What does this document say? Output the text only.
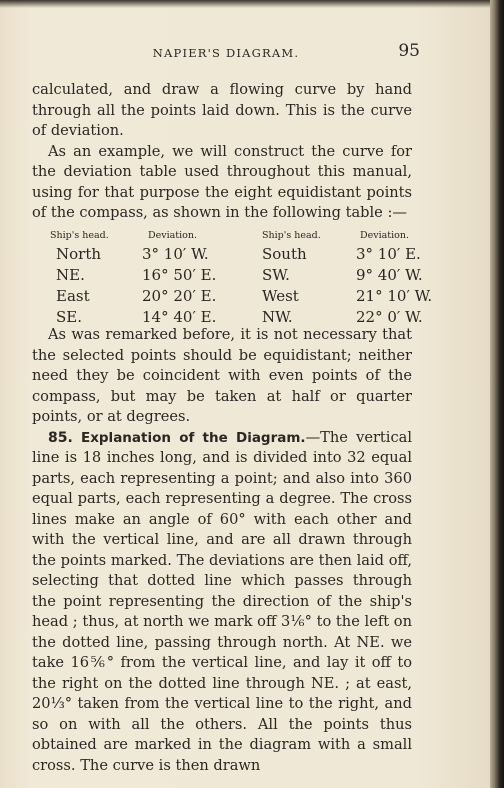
NAPIER'S DIAGRAM.	95

calculated, and draw a flowing curve by hand through all the points laid down. This is the curve of deviation.

As an example, we will construct the curve for the deviation table used throughout this manual, using for that purpose the eight equidistant points of the compass, as shown in the following table :—

Ship's head.	Deviation.	Ship's head.	Deviation.
North	3° 10′ W.	South	3° 10′ E.
NE.	16° 50′ E.	SW.	9° 40′ W.
East	20° 20′ E.	West	21° 10′ W.
SE.	14° 40′ E.	NW.	22° 0′ W.

As was remarked before, it is not necessary that the selected points should be equidistant; neither need they be coincident with even points of the compass, but may be taken at half or quarter points, or at degrees.

85. Explanation of the Diagram.—The vertical line is 18 inches long, and is divided into 32 equal parts, each representing a point; and also into 360 equal parts, each representing a degree. The cross lines make an angle of 60° with each other and with the vertical line, and are all drawn through the points marked. The deviations are then laid off, selecting that dotted line which passes through the point representing the direction of the ship's head ; thus, at north we mark off 3⅙° to the left on the dotted line, passing through north. At NE. we take 16⅚° from the vertical line, and lay it off to the right on the dotted line through NE. ; at east, 20⅓° taken from the vertical line to the right, and so on with all the others. All the points thus obtained are marked in the diagram with a small cross. The curve is then drawn
